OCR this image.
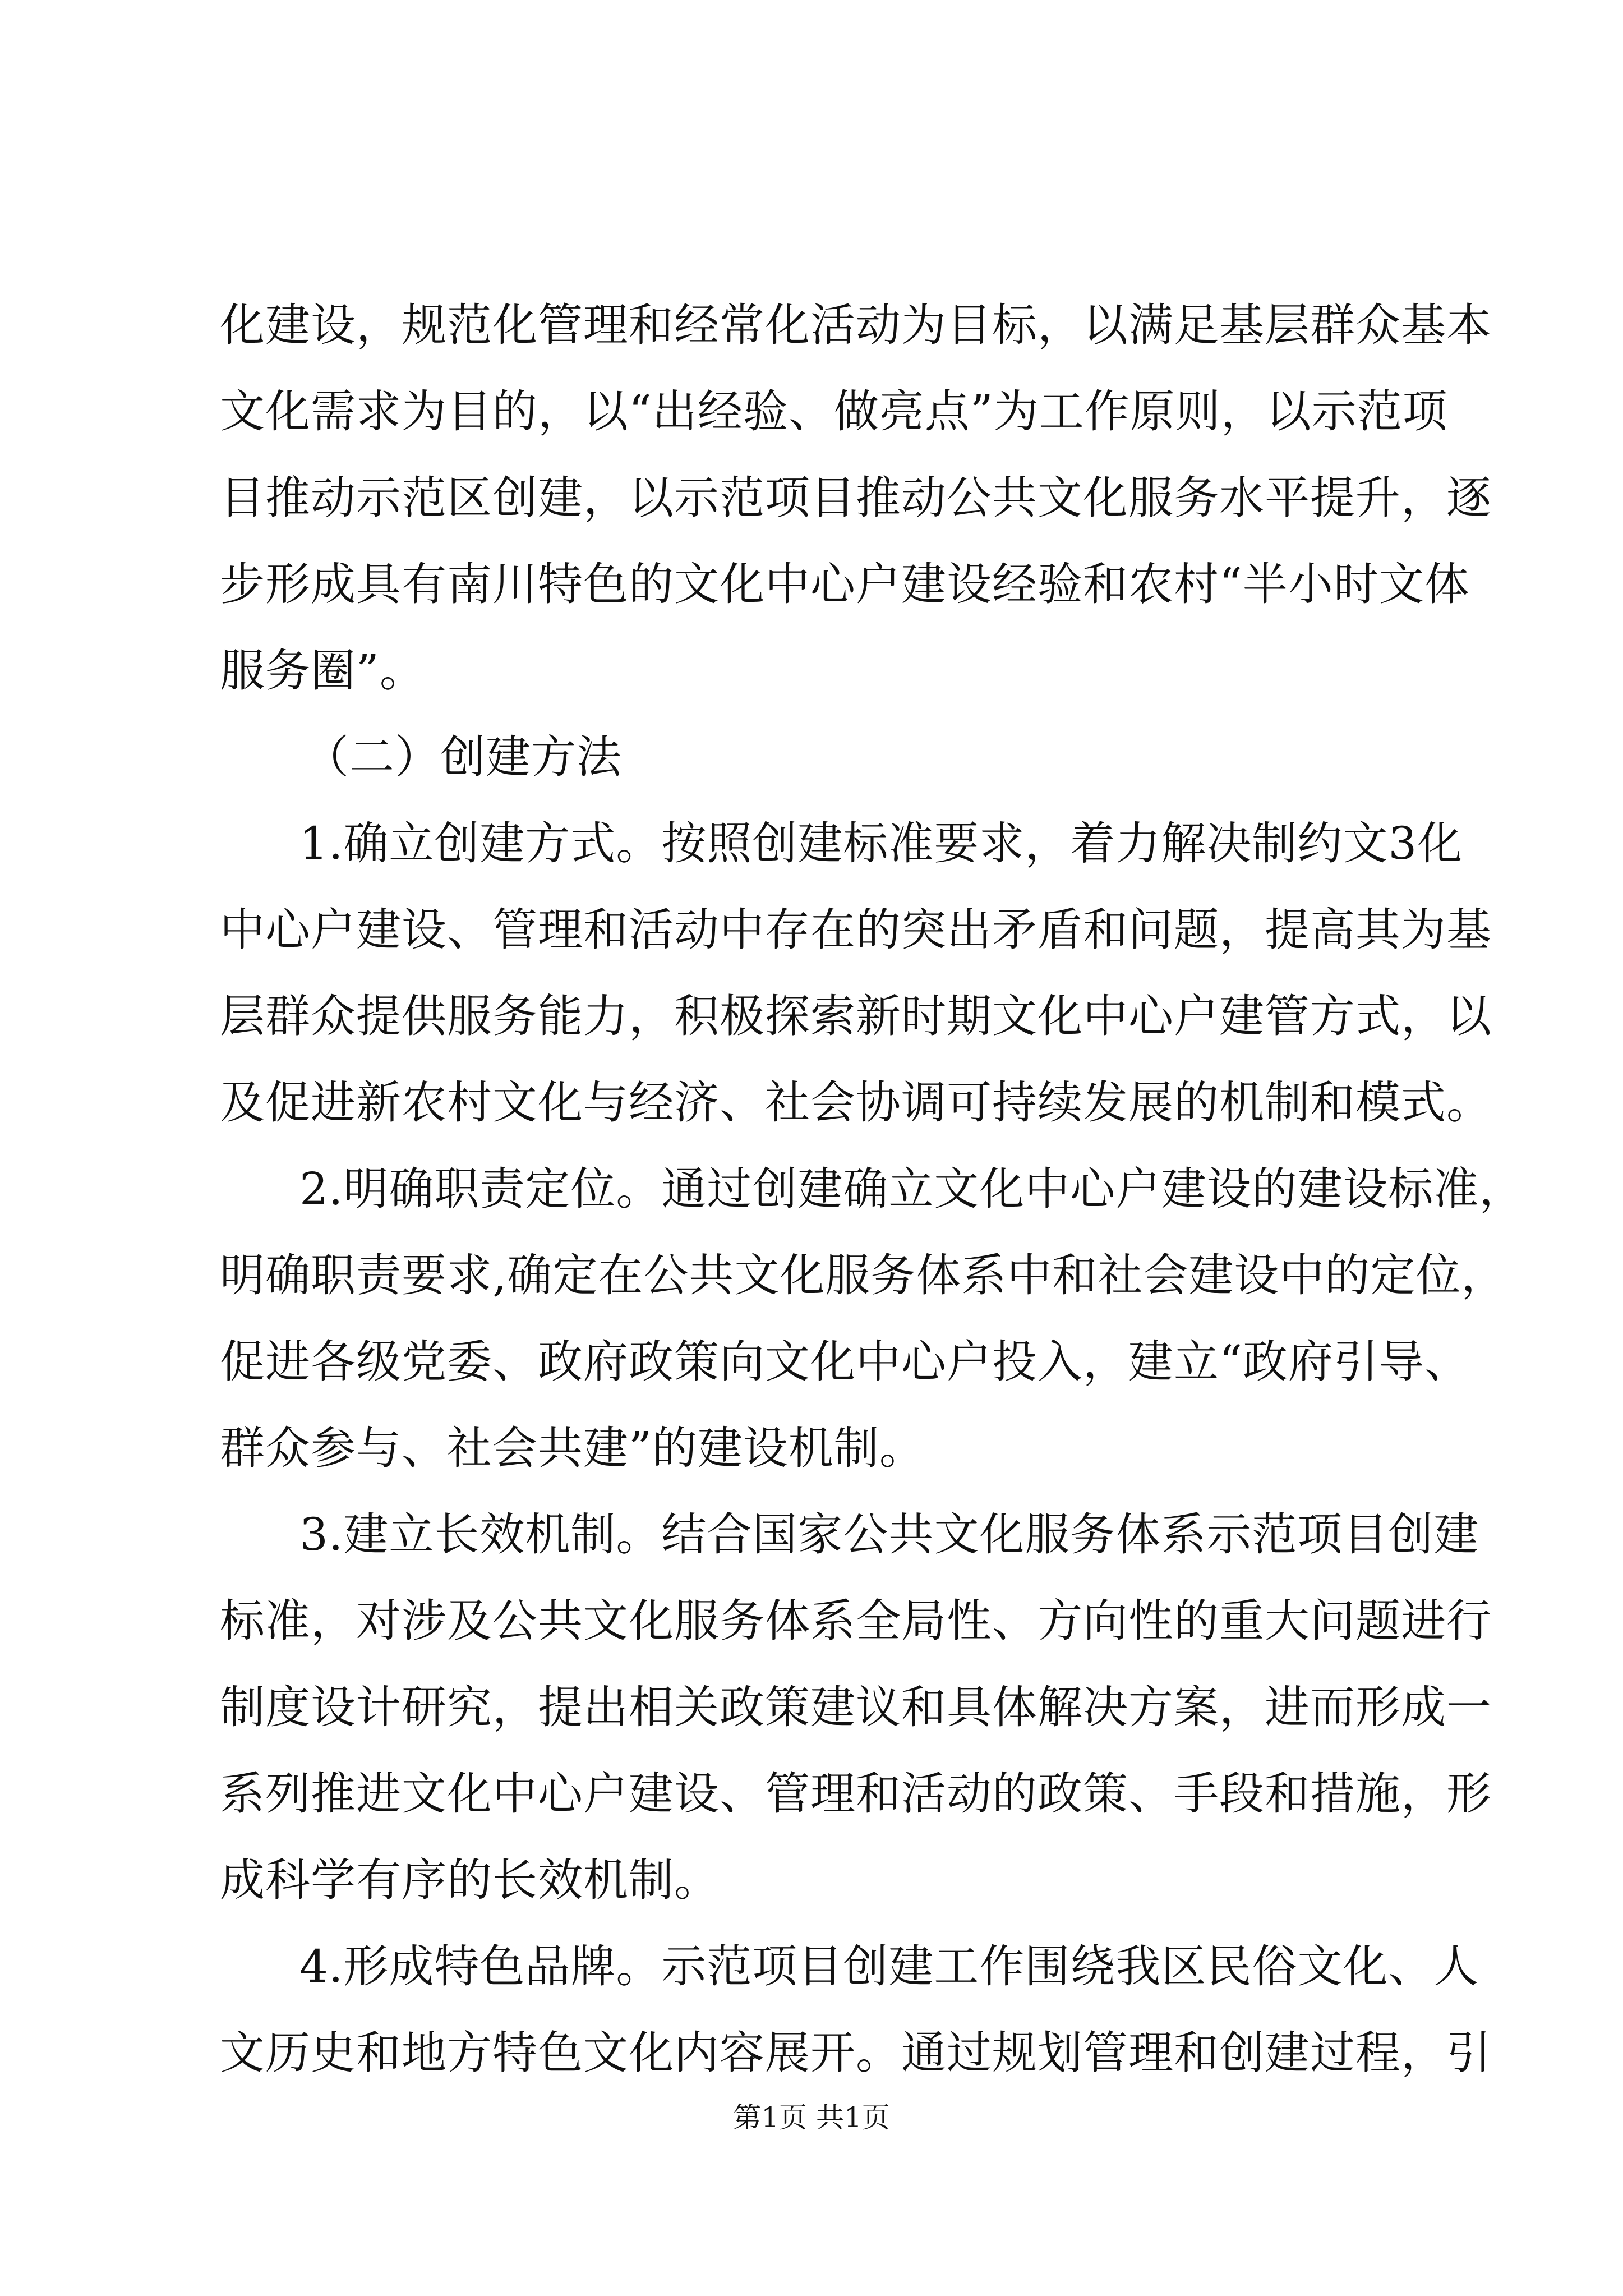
化建设，规范化管理和经常化活动为目标，以满足基层群众基本
文化需求为目的，以“出经验、做亮点”为工作原则，以示范项
目推动示范区创建，以示范项目推动公共文化服务水平提升，逐
步形成具有南川特色的文化中心户建设经验和农村“半小时文体
服务圈”。
（二）创建方法
1.确立创建方式。按照创建标准要求，着力解决制约文3化
中心户建设、管理和活动中存在的突出矛盾和问题，提高其为基
层群众提供服务能力，积极探索新时期文化中心户建管方式，以
及促进新农村文化与经济、社会协调可持续发展的机制和模式。
2.明确职责定位。通过创建确立文化中心户建设的建设标准，
明确职责要求,确定在公共文化服务体系中和社会建设中的定位，
促进各级党委、政府政策向文化中心户投入，建立“政府引导、
群众参与、社会共建”的建设机制。
3.建立长效机制。结合国家公共文化服务体系示范项目创建
标准，对涉及公共文化服务体系全局性、方向性的重大问题进行
制度设计研究，提出相关政策建议和具体解决方案，进而形成一
系列推进文化中心户建设、管理和活动的政策、手段和措施，形
成科学有序的长效机制。
4.形成特色品牌。示范项目创建工作围绕我区民俗文化、人
文历史和地方特色文化内容展开。通过规划管理和创建过程，引
第1页 共1页
